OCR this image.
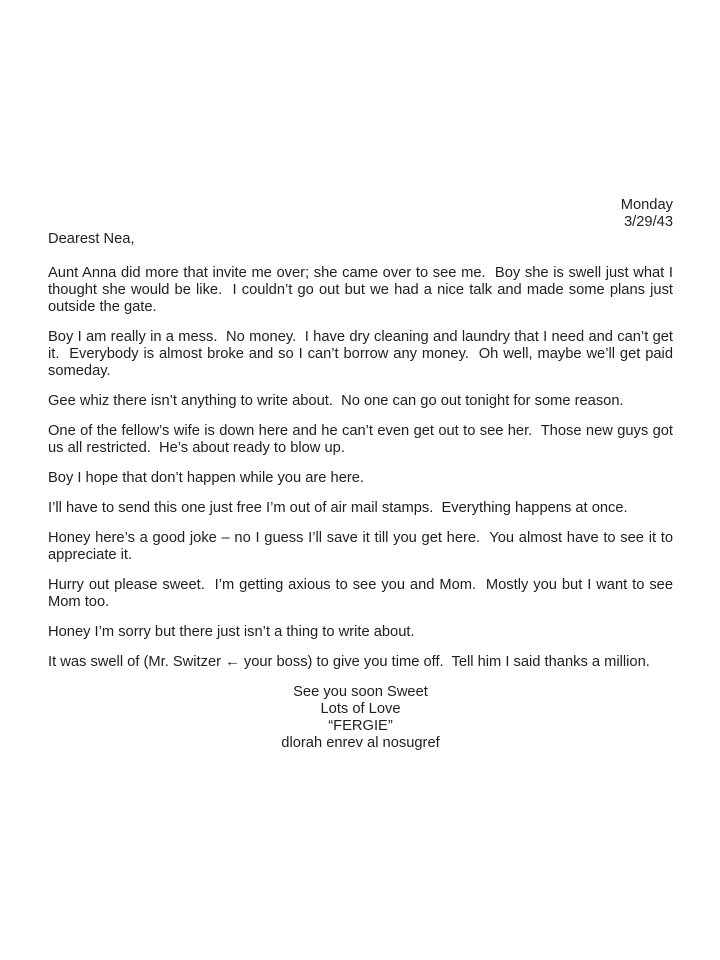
Monday
3/29/43

Dearest Nea,

Aunt Anna did more that invite me over; she came over to see me.  Boy she is swell just what I thought she would be like.  I couldn’t go out but we had a nice talk and made some plans just outside the gate.

Boy I am really in a mess.  No money.  I have dry cleaning and laundry that I need and can’t get it.  Everybody is almost broke and so I can’t borrow any money.  Oh well, maybe we’ll get paid someday.

Gee whiz there isn’t anything to write about.  No one can go out tonight for some reason.

One of the fellow’s wife is down here and he can’t even get out to see her.  Those new guys got us all restricted.  He’s about ready to blow up.

Boy I hope that don’t happen while you are here.

I’ll have to send this one just free I’m out of air mail stamps.  Everything happens at once.

Honey here’s a good joke – no I guess I’ll save it till you get here.  You almost have to see it to appreciate it.

Hurry out please sweet.  I’m getting axious to see you and Mom.  Mostly you but I want to see Mom too.

Honey I’m sorry but there just isn’t a thing to write about.

It was swell of (Mr. Switzer ← your boss) to give you time off.  Tell him I said thanks a million.

See you soon Sweet
Lots of Love
“FERGIE”
dlorah enrev al nosugref
